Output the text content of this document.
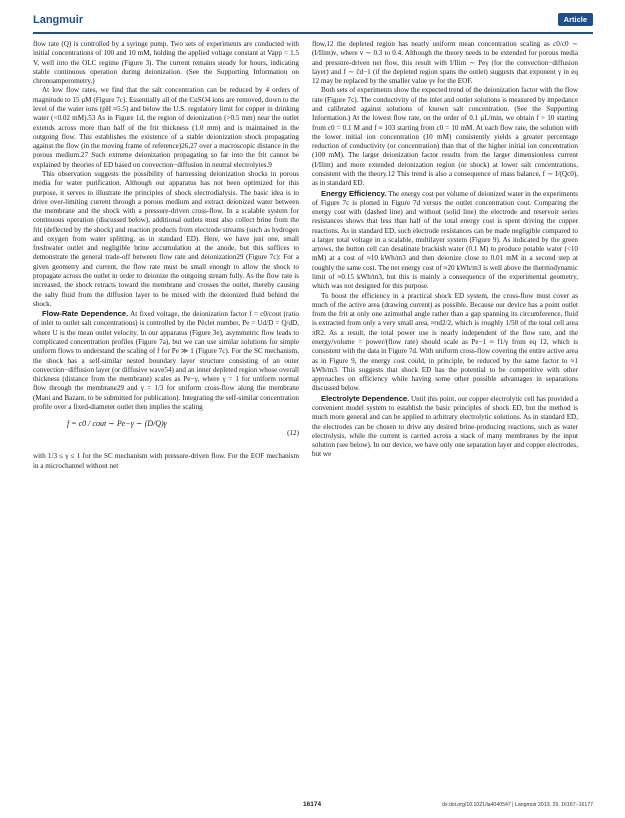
Langmuir	Article

flow rate (Q) is controlled by a syringe pump. Two sets of experiments are conducted with initial concentrations of 100 and 10 mM, holding the applied voltage constant at Vapp = 1.5 V, well into the OLC regime (Figure 3). The current remains steady for hours, indicating stable continuous operation during deionization. (See the Supporting Information on chronoamperometry.)

At low flow rates, we find that the salt concentration can be reduced by 4 orders of magnitude to 15 μM (Figure 7c). Essentially all of the CuSO4 ions are removed, down to the level of the water ions (pH ≈5.5) and below the U.S. regulatory limit for copper in drinking water (<0.02 mM).53 As in Figure 1d, the region of deionization (>0.5 mm) near the outlet extends across more than half of the frit thickness (1.0 mm) and is maintained in the outgoing flow. This establishes the existence of a stable deionization shock propagating against the flow (in the moving frame of reference)26,27 over a macroscopic distance in the porous medium.27 Such extreme deionization propagating so far into the frit cannot be explained by theories of ED based on convection−diffusion in neutral electrolytes.9

This observation suggests the possibility of harnessing deionization shocks in porous media for water purification. Although our apparatus has not been optimized for this purpose, it serves to illustrate the principles of shock electrodialysis. The basic idea is to drive over-limiting current through a porous medium and extract deionized water between the membrane and the shock with a pressure-driven cross-flow. In a scalable system for continuous operation (discussed below), additional outlets must also collect brine from the frit (deflected by the shock) and reaction products from electrode streams (such as hydrogen and oxygen from water splitting, as in standard ED). Here, we have just one, small freshwater outlet and negligible brine accumulation at the anode, but this suffices to demonstrate the general trade-off between flow rate and deionization29 (Figure 7c): For a given geometry and current, the flow rate must be small enough to allow the shock to propagate across the outlet in order to deionize the outgoing stream fully. As the flow rate is increased, the shock retracts toward the membrane and crosses the outlet, thereby causing the salty fluid from the diffusion layer to be mixed with the deionized fluid behind the shock.

Flow-Rate Dependence. At fixed voltage, the deionization factor f = c0/cout (ratio of inlet to outlet salt concentrations) is controlled by the Péclet number, Pe = Ud/D = Q/dD, where U is the mean outlet velocity. In our apparatus (Figure 3e), asymmetric flow leads to complicated concentration profiles (Figure 7a), but we can use similar solutions for simple uniform flows to understand the scaling of f for Pe ≫ 1 (Figure 7c). For the SC mechanism, the shock has a self-similar nested boundary layer structure consisting of an outer convection−diffusion layer (or diffusive wave54) and an inner depleted region whose overall thickness (distance from the membrane) scales as Pe−γ, where γ = 1 for uniform normal flow through the membrane29 and γ = 1/3 for uniform cross-flow along the membrane (Mani and Bazant, to be submitted for publication). Integrating the self-similar concentration profile over a fixed-diameter outlet then implies the scaling

f = c0 / cout ∼ Pe−γ ∼ (D/Q)γ
(12)

with 1/3 ≤ γ ≤ 1 for the SC mechanism with pressure-driven flow. For the EOF mechanism in a microchannel without net

flow,12 the depleted region has nearly uniform mean concentration scaling as c0/c0 ∼ (I/Ilim)ν, where ν ∼ 0.3 to 0.4. Although the theory needs to be extended for porous media and pressure-driven net flow, this result with I/Ilim ∼ Peγ (for the convection−diffusion layer) and f ∼ c̃d−1 (if the depleted region spans the outlet) suggests that exponent γ in eq 12 may be replaced by the smaller value γν for the EOF.

Both sets of experiments show the expected trend of the deionization factor with the flow rate (Figure 7c). The conductivity of the inlet and outlet solutions is measured by impedance and calibrated against solutions of known salt concentration. (See the Supporting Information.) At the lowest flow rate, on the order of 0.1 μL/min, we obtain f > 10 starting from c0 = 0.1 M and f ≈ 103 starting from c0 = 10 mM. At each flow rate, the solution with the lower initial ion concentration (10 mM) consistently yields a greater percentage reduction of conductivity (or concentration) than that of the higher initial ion concentration (100 mM). The larger deionization factor results from the larger dimensionless current (I/Ilim) and more extended deionization region (or shock) at lower salt concentrations, consistent with the theory.12 This trend is also a consequence of mass balance, f ∼ I/(Qc0), as in standard ED.

Energy Efficiency. The energy cost per volume of deionized water in the experiments of Figure 7c is plotted in Figure 7d versus the outlet concentration cout. Comparing the energy cost with (dashed line) and without (solid line) the electrode and reservoir series resistances shows that less than half of the total energy cost is spent driving the copper reactions. As in standard ED, such electrode resistances can be made negligible compared to a larger total voltage in a scalable, multilayer system (Figure 9). As indicated by the green arrows, the button cell can desalinate brackish water (0.1 M) to produce potable water (<10 mM) at a cost of ≈10 kWh/m3 and then deionize close to 0.01 mM in a second step at roughly the same cost. The net energy cost of ≈20 kWh/m3 is well above the thermodynamic limit of ≈0.15 kWh/m3, but this is mainly a consequence of the experimental geometry, which was not designed for this purpose.

To boost the efficiency in a practical shock ED system, the cross-flow must cover as much of the active area (drawing current) as possible. Because our device has a point outlet from the frit at only one azimuthal angle rather than a gap spanning its circumference, fluid is extracted from only a very small area, ≈πd2/2, which is roughly 1/50 of the total cell area πR2. As a result, the total power use is nearly independent of the flow rate, and the energy/volume = power/(flow rate) should scale as Pe−1 ≈ f1/γ from eq 12, which is consistent with the data in Figure 7d. With uniform cross-flow covering the entire active area as in Figure 9, the energy cost could, in principle, be reduced by the same factor to ≈1 kWh/m3. This suggests that shock ED has the potential to be competitive with other approaches on efficiency while having some other possible advantages in separations discussed below.

Electrolyte Dependence. Until this point, our copper electrolytic cell has provided a convenient model system to establish the basic principles of shock ED, but the method is much more general and can be applied to arbitrary electrolytic solutions. As in standard ED, the electrodes can be chosen to drive any desired brine-producing reactions, such as water electrolysis, while the current is carried across a stack of many membranes by the input solution (see below). In our device, we have only one separation layer and copper electrodes, but we

16174	dx.doi.org/10.1021/la4040547 | Langmuir 2013, 29, 16167−16177
